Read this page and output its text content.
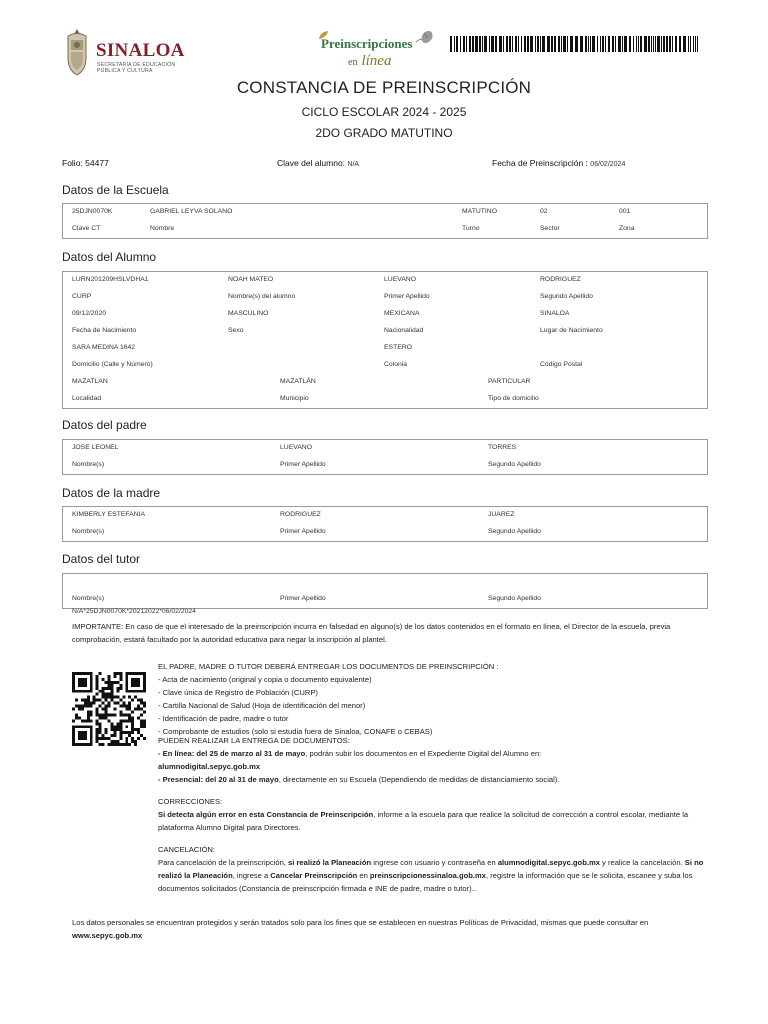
SINALOA
SECRETARÍA DE EDUCACIÓN
PÚBLICA Y CULTURA
Preinscripciones
en línea
CONSTANCIA DE PREINSCRIPCIÓN
CICLO ESCOLAR 2024 - 2025
2DO GRADO MATUTINO
Folio: 54477	Clave del alumno: N/A	Fecha de Preinscripción : 06/02/2024
Datos de la Escuela
25DJN0070K	GABRIEL LEYVA SOLANO	MATUTINO	02	001
Clave CT	Nombre	Turno	Sector	Zona
Datos del Alumno
LURN201209HSLVDHA1	NOAH MATEO	LUEVANO	RODRIGUEZ
CURP	Nombre(s) del alumno	Primer Apellido	Segundo Apellido
09/12/2020	MASCULINO	MEXICANA	SINALOA
Fecha de Nacimiento	Sexo	Nacionalidad	Lugar de Nacimiento
SARA MEDINA 1642	ESTERO
Domicilio (Calle y Número)	Colonia	Código Postal
MAZATLAN	MAZATLÁN	PARTICULAR
Localidad	Municipio	Tipo de domicilio
Datos del padre
JOSE LEONEL	LUEVANO	TORRES
Nombre(s)	Primer Apellido	Segundo Apellido
Datos de la madre
KIMBERLY ESTEFANIA	RODRIGUEZ	JUAREZ
Nombre(s)	Primer Apellido	Segundo Apellido
Datos del tutor
Nombre(s)	Primer Apellido	Segundo Apellido
N/A*25DJN0070K*20212022*06/02/2024
IMPORTANTE: En caso de que el interesado de la preinscripción incurra en falsedad en alguno(s) de los datos contenidos en el formato en línea, el Director de la escuela, previa comprobación, estará facultado por la autoridad educativa para negar la inscripción al plantel.
EL PADRE, MADRE O TUTOR DEBERÁ ENTREGAR LOS DOCUMENTOS DE PREINSCRIPCIÓN :
- Acta de nacimiento (original y copia o documento equivalente)
- Clave única de Registro de Población (CURP)
- Cartilla Nacional de Salud (Hoja de identificación del menor)
- Identificación de padre, madre o tutor
- Comprobante de estudios (solo si estudia fuera de Sinaloa, CONAFE o CEBAS)
PUEDEN REALIZAR LA ENTREGA DE DOCUMENTOS:
- En línea: del 25 de marzo al 31 de mayo, podrán subir los documentos en el Expediente Digital del Alumno en:
alumnodigital.sepyc.gob.mx
- Presencial: del 20 al 31 de mayo, directamente en su Escuela (Dependiendo de medidas de distanciamiento social).
CORRECCIONES:
Si detecta algún error en esta Constancia de Preinscripción, informe a la escuela para que realice la solicitud de corrección a control escolar, mediante la plataforma Alumno Digital para Directores.
CANCELACIÓN:
Para cancelación de la preinscripción, si realizó la Planeación ingrese con usuario y contraseña en alumnodigital.sepyc.gob.mx y realice la cancelación. Si no realizó la Planeación, ingrese a Cancelar Preinscripción en preinscripcionessinaloa.gob.mx, registre la información que se le solicita, escanee y suba los documentos solicitados (Constancia de preinscripción firmada e INE de padre, madre o tutor)..
Los datos personales se encuentran protegidos y serán tratados solo para los fines que se establecen en nuestras Políticas de Privacidad, mismas que puede consultar en www.sepyc.gob.mx
